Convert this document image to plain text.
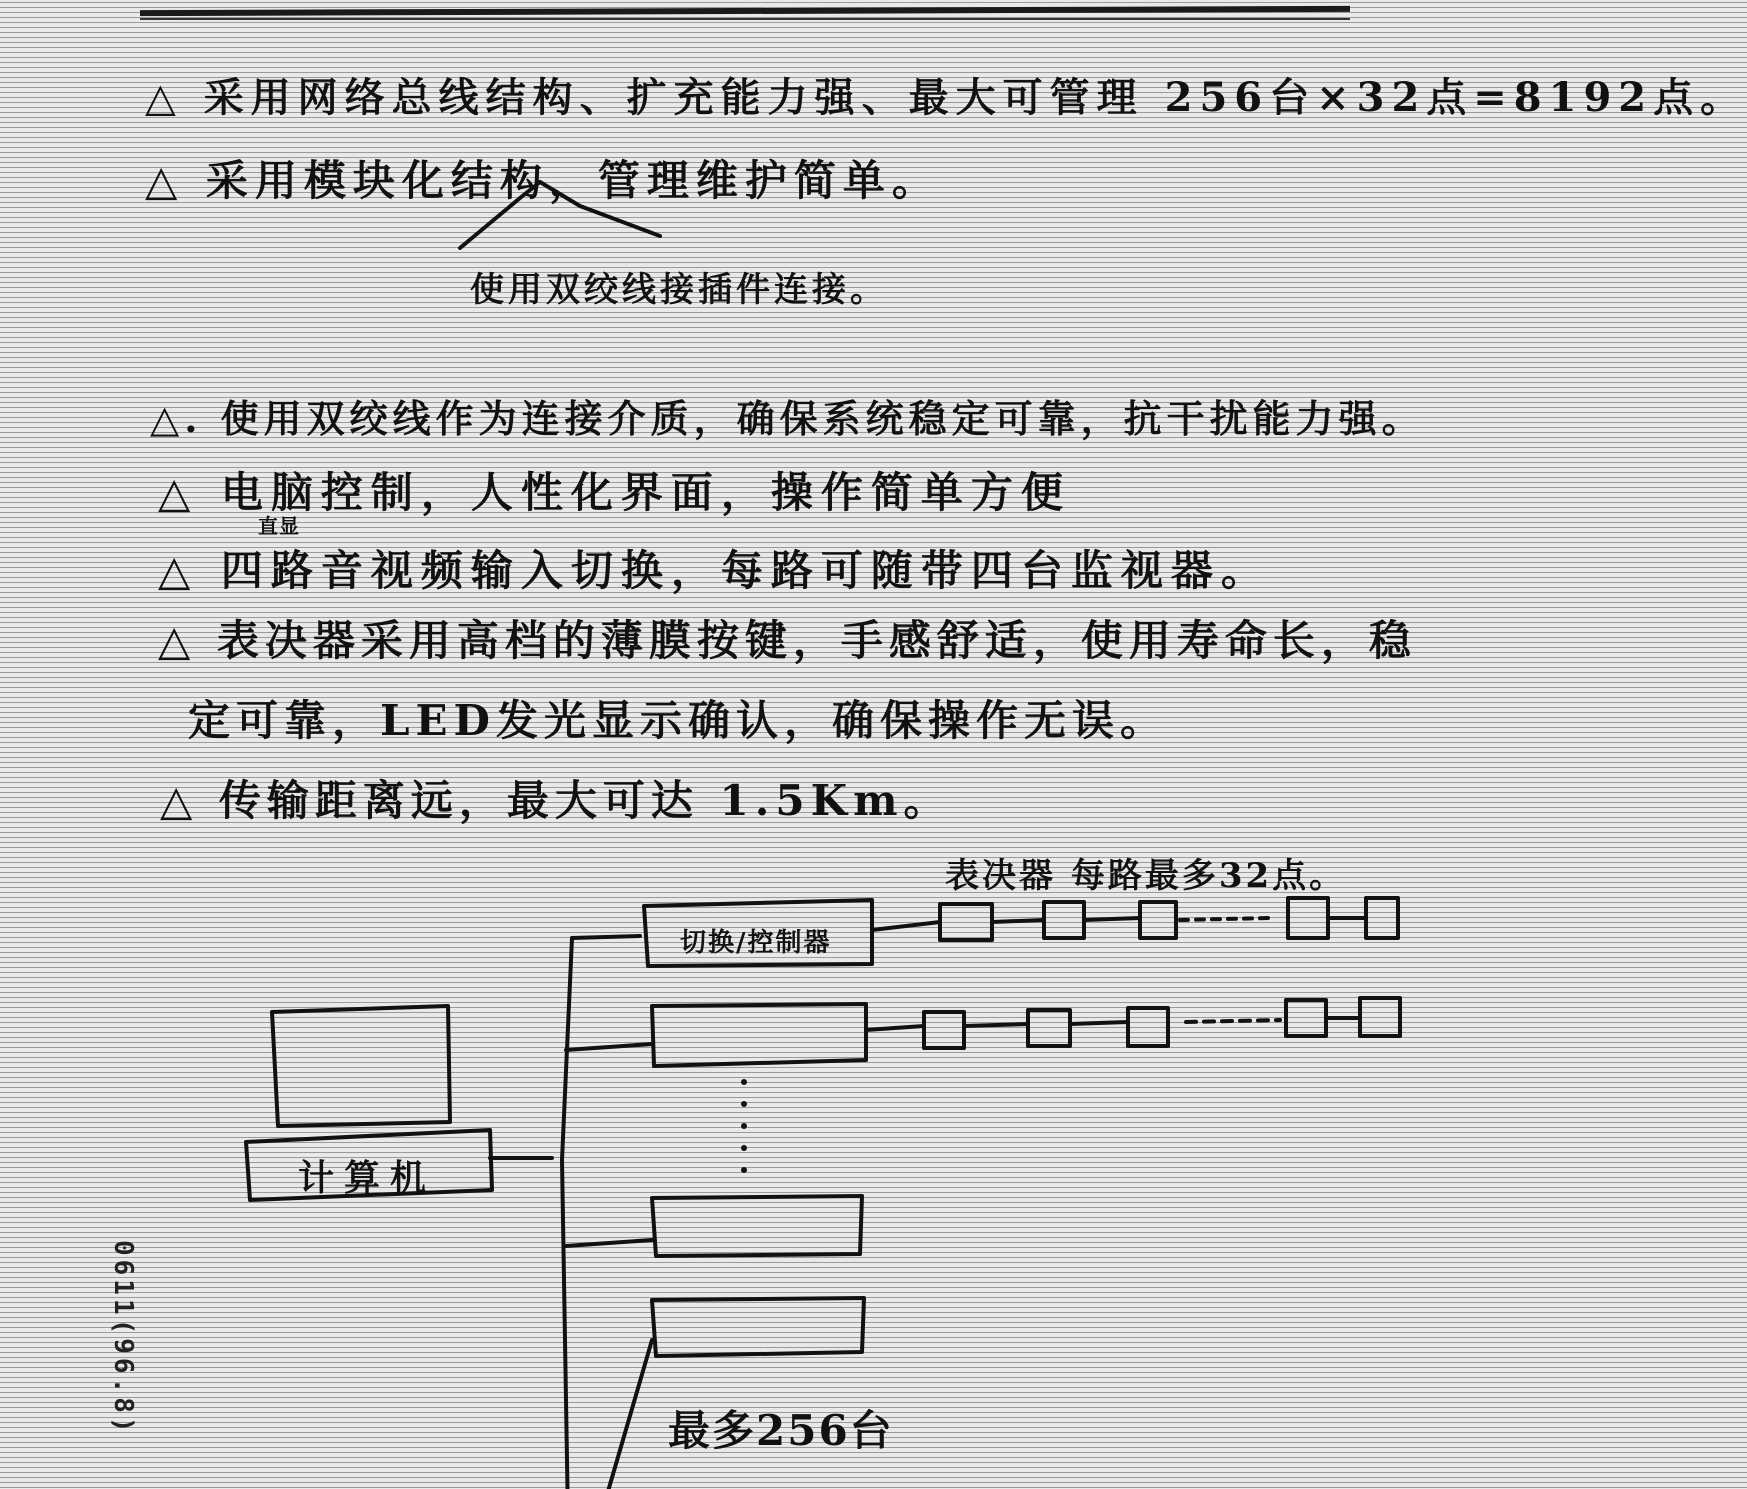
△ 采用网络总线结构、扩充能力强、最大可管理 256台×32点=8192点。
△ 采用模块化结构，管理维护简单。
使用双绞线接插件连接。
△. 使用双绞线作为连接介质，确保系统稳定可靠，抗干扰能力强。
△ 电脑控制，人性化界面，操作简单方便
直显
△ 四路音视频输入切换，每路可随带四台监视器。
△ 表决器采用高档的薄膜按键，手感舒适，使用寿命长，稳
定可靠，LED发光显示确认，确保操作无误。
△ 传输距离远，最大可达 1.5Km。
表决器 每路最多32点。
最多256台
0611(96.8)
计算机
切换/控制器
